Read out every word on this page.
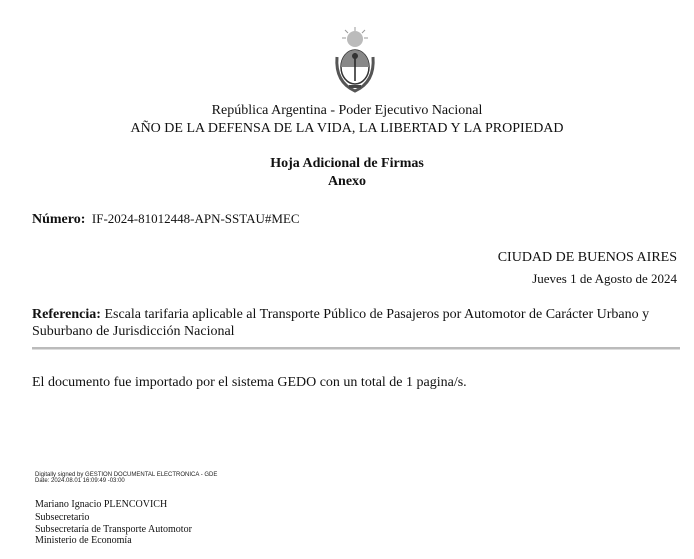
República Argentina - Poder Ejecutivo Nacional
AÑO DE LA DEFENSA DE LA VIDA, LA LIBERTAD Y LA PROPIEDAD
Hoja Adicional de Firmas
Anexo
Número: IF-2024-81012448-APN-SSTAU#MEC
CIUDAD DE BUENOS AIRES
Jueves 1 de Agosto de 2024
Referencia: Escala tarifaria aplicable al Transporte Público de Pasajeros por Automotor de Carácter Urbano y
Suburbano de Jurisdicción Nacional
El documento fue importado por el sistema GEDO con un total de 1 pagina/s.
Digitally signed by GESTION DOCUMENTAL ELECTRONICA - GDE
Date: 2024.08.01 16:09:49 -03:00
Mariano Ignacio PLENCOVICH
Subsecretario
Subsecretaría de Transporte Automotor
Ministerio de Economía
